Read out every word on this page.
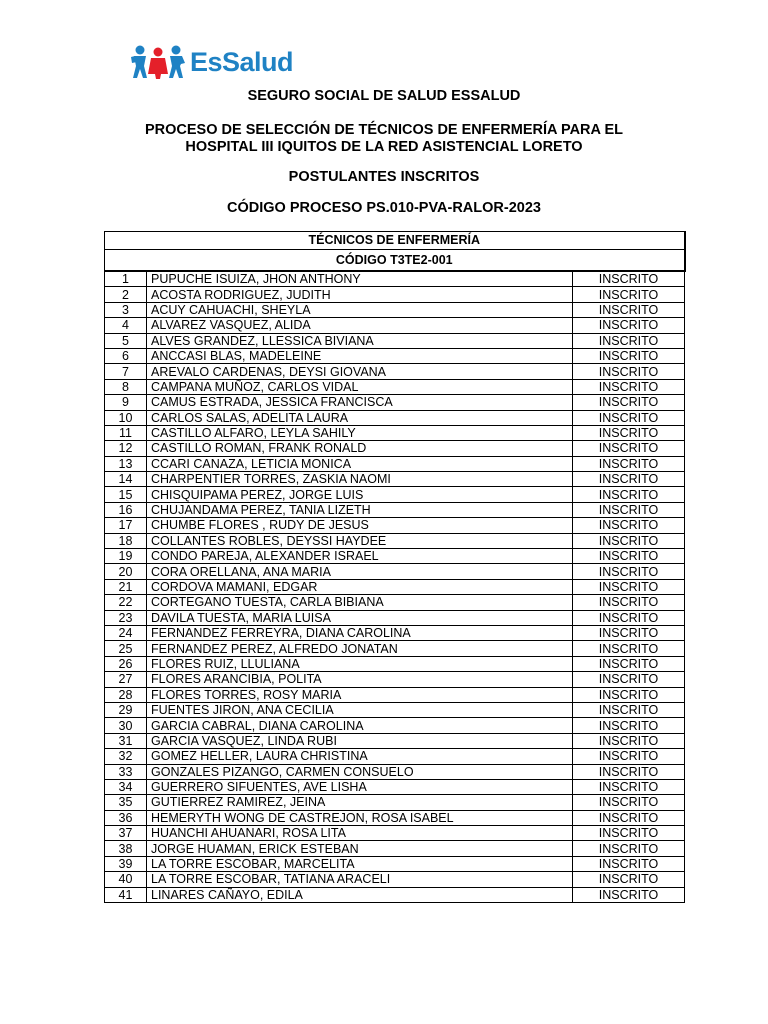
EsSalud
SEGURO SOCIAL DE SALUD ESSALUD
PROCESO DE SELECCIÓN DE TÉCNICOS DE ENFERMERÍA PARA EL
HOSPITAL III IQUITOS DE LA RED ASISTENCIAL LORETO
POSTULANTES INSCRITOS
CÓDIGO PROCESO PS.010-PVA-RALOR-2023
TÉCNICOS DE ENFERMERÍA		
CÓDIGO T3TE2-001		
1	PUPUCHE ISUIZA, JHON ANTHONY	INSCRITO
2	ACOSTA RODRIGUEZ, JUDITH	INSCRITO
3	ACUY CAHUACHI, SHEYLA	INSCRITO
4	ALVAREZ VASQUEZ, ALIDA	INSCRITO
5	ALVES GRANDEZ, LLESSICA BIVIANA	INSCRITO
6	ANCCASI BLAS, MADELEINE	INSCRITO
7	AREVALO CARDENAS, DEYSI GIOVANA	INSCRITO
8	CAMPANA MUÑOZ, CARLOS VIDAL	INSCRITO
9	CAMUS ESTRADA, JESSICA FRANCISCA	INSCRITO
10	CARLOS SALAS, ADELITA LAURA	INSCRITO
11	CASTILLO ALFARO, LEYLA SAHILY	INSCRITO
12	CASTILLO ROMAN, FRANK RONALD	INSCRITO
13	CCARI CANAZA, LETICIA MONICA	INSCRITO
14	CHARPENTIER TORRES, ZASKIA NAOMI	INSCRITO
15	CHISQUIPAMA PEREZ, JORGE LUIS	INSCRITO
16	CHUJANDAMA PEREZ, TANIA LIZETH	INSCRITO
17	CHUMBE FLORES , RUDY DE JESUS	INSCRITO
18	COLLANTES ROBLES, DEYSSI HAYDEE	INSCRITO
19	CONDO PAREJA, ALEXANDER ISRAEL	INSCRITO
20	CORA ORELLANA, ANA MARIA	INSCRITO
21	CORDOVA MAMANI, EDGAR	INSCRITO
22	CORTEGANO TUESTA, CARLA BIBIANA	INSCRITO
23	DAVILA TUESTA, MARIA LUISA	INSCRITO
24	FERNANDEZ FERREYRA, DIANA CAROLINA	INSCRITO
25	FERNANDEZ PEREZ, ALFREDO JONATAN	INSCRITO
26	FLORES RUIZ, LLULIANA	INSCRITO
27	FLORES ARANCIBIA, POLITA	INSCRITO
28	FLORES TORRES, ROSY MARIA	INSCRITO
29	FUENTES JIRON, ANA CECILIA	INSCRITO
30	GARCIA CABRAL, DIANA CAROLINA	INSCRITO
31	GARCIA VASQUEZ, LINDA RUBI	INSCRITO
32	GOMEZ HELLER, LAURA CHRISTINA	INSCRITO
33	GONZALES PIZANGO, CARMEN CONSUELO	INSCRITO
34	GUERRERO SIFUENTES, AVE LISHA	INSCRITO
35	GUTIERREZ RAMIREZ, JEINA	INSCRITO
36	HEMERYTH WONG DE CASTREJON, ROSA ISABEL	INSCRITO
37	HUANCHI AHUANARI, ROSA LITA	INSCRITO
38	JORGE HUAMAN, ERICK ESTEBAN	INSCRITO
39	LA TORRE ESCOBAR, MARCELITA	INSCRITO
40	LA TORRE ESCOBAR, TATIANA ARACELI	INSCRITO
41	LINARES CAÑAYO, EDILA	INSCRITO
